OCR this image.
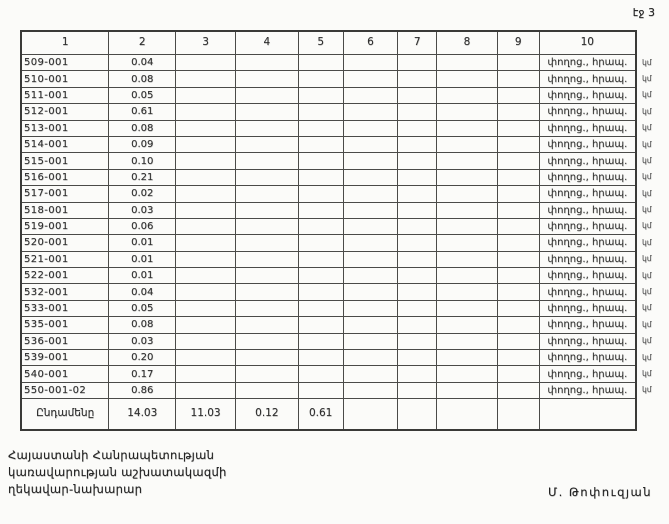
էջ 3
1	2	3	4	5	6	7	8	9	10	
509-001	0.04								փողոց., հրապ.	կմ
510-001	0.08								փողոց., հրապ.	կմ
511-001	0.05								փողոց., հրապ.	կմ
512-001	0.61								փողոց., հրապ.	կմ
513-001	0.08								փողոց., հրապ.	կմ
514-001	0.09								փողոց., հրապ.	կմ
515-001	0.10								փողոց., հրապ.	կմ
516-001	0.21								փողոց., հրապ.	կմ
517-001	0.02								փողոց., հրապ.	կմ
518-001	0.03								փողոց., հրապ.	կմ
519-001	0.06								փողոց., հրապ.	կմ
520-001	0.01								փողոց., հրապ.	կմ
521-001	0.01								փողոց., հրապ.	կմ
522-001	0.01								փողոց., հրապ.	կմ
532-001	0.04								փողոց., հրապ.	կմ
533-001	0.05								փողոց., հրապ.	կմ
535-001	0.08								փողոց., հրապ.	կմ
536-001	0.03								փողոց., հրապ.	կմ
539-001	0.20								փողոց., հրապ.	կմ
540-001	0.17								փողոց., հրապ.	կմ
550-001-02	0.86								փողոց., հրապ.	կմ
Ընդամենը	14.03	11.03	0.12	0.61						
Հայաստանի Հանրապետության
կառավարության աշխատակազմի
ղեկավար-նախարար	Մ. Թոփուզյան
